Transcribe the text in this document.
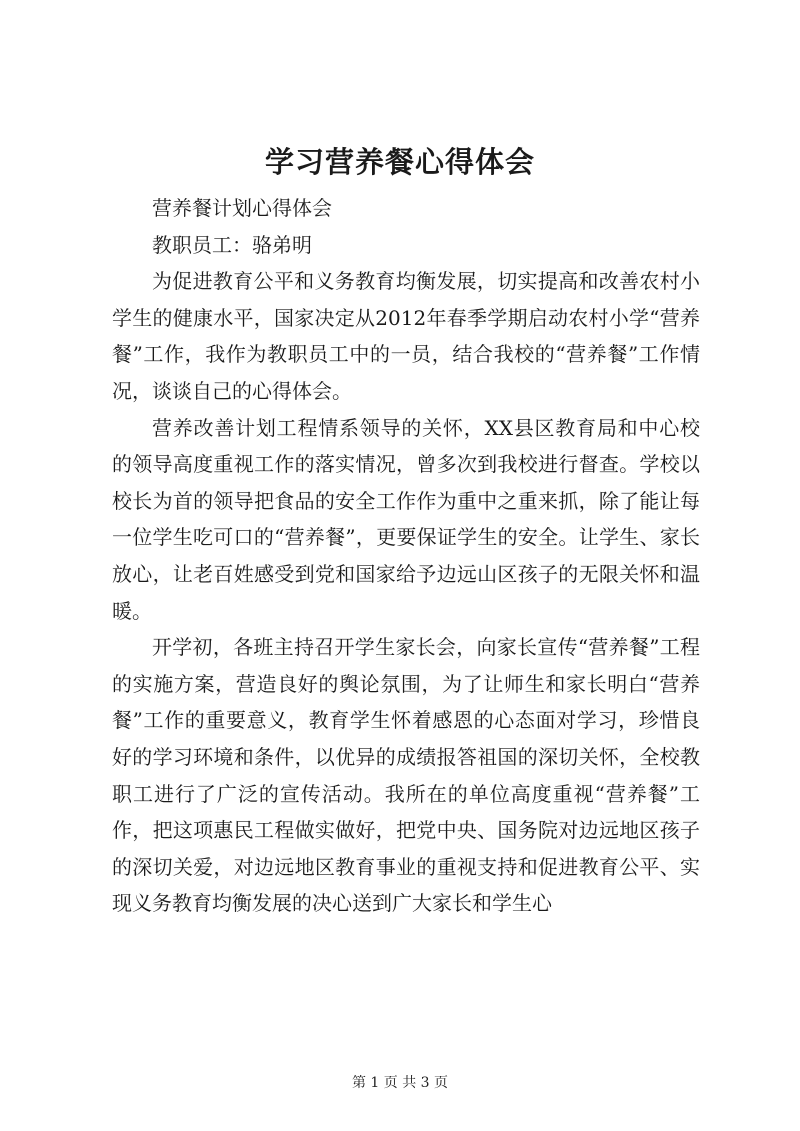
学习营养餐心得体会

营养餐计划心得体会

教职员工：骆弟明

为促进教育公平和义务教育均衡发展，切实提高和改善农村小学生的健康水平，国家决定从2012年春季学期启动农村小学“营养餐”工作，我作为教职员工中的一员，结合我校的“营养餐”工作情况，谈谈自己的心得体会。

营养改善计划工程情系领导的关怀，XX县区教育局和中心校的领导高度重视工作的落实情况，曾多次到我校进行督查。学校以校长为首的领导把食品的安全工作作为重中之重来抓，除了能让每一位学生吃可口的“营养餐”，更要保证学生的安全。让学生、家长放心，让老百姓感受到党和国家给予边远山区孩子的无限关怀和温暖。

开学初，各班主持召开学生家长会，向家长宣传“营养餐”工程的实施方案，营造良好的舆论氛围，为了让师生和家长明白“营养餐”工作的重要意义，教育学生怀着感恩的心态面对学习，珍惜良好的学习环境和条件，以优异的成绩报答祖国的深切关怀，全校教职工进行了广泛的宣传活动。我所在的单位高度重视“营养餐”工作，把这项惠民工程做实做好，把党中央、国务院对边远地区孩子的深切关爱，对边远地区教育事业的重视支持和促进教育公平、实现义务教育均衡发展的决心送到广大家长和学生心

第 1 页 共 3 页
